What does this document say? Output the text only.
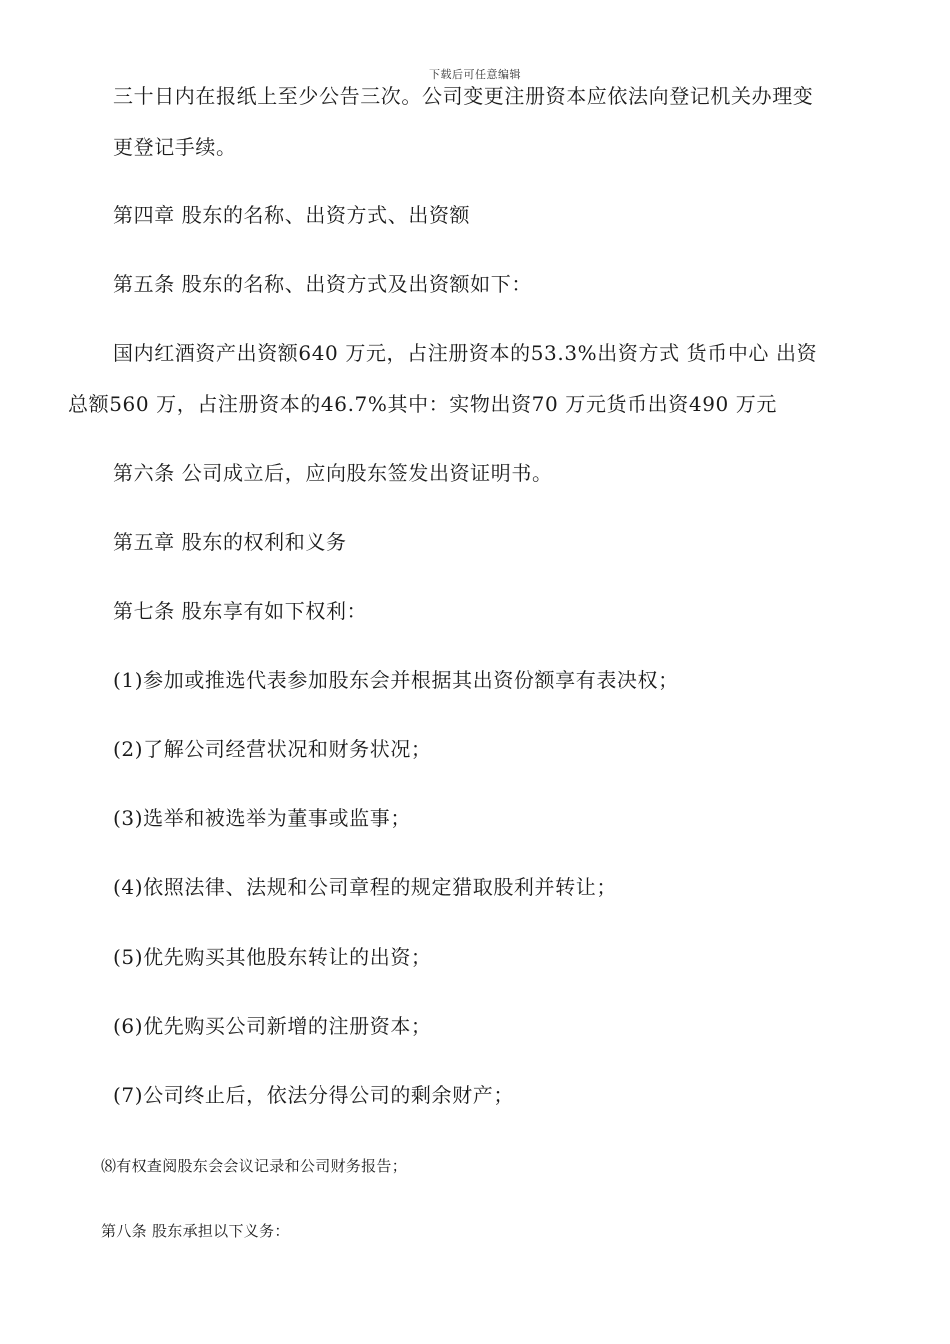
下载后可任意编辑
三十日内在报纸上至少公告三次。公司变更注册资本应依法向登记机关办理变
更登记手续。
第四章 股东的名称、出资方式、出资额
第五条 股东的名称、出资方式及出资额如下：
国内红酒资产出资额640 万元，占注册资本的53.3%出资方式 货币中心 出资
总额560 万，占注册资本的46.7%其中：实物出资70 万元货币出资490 万元
第六条 公司成立后，应向股东签发出资证明书。
第五章 股东的权利和义务
第七条 股东享有如下权利：
(1)参加或推选代表参加股东会并根据其出资份额享有表决权；
(2)了解公司经营状况和财务状况；
(3)选举和被选举为董事或监事；
(4)依照法律、法规和公司章程的规定猎取股利并转让；
(5)优先购买其他股东转让的出资；
(6)优先购买公司新增的注册资本；
(7)公司终止后，依法分得公司的剩余财产；
⑻有权查阅股东会会议记录和公司财务报告；
第八条 股东承担以下义务：
